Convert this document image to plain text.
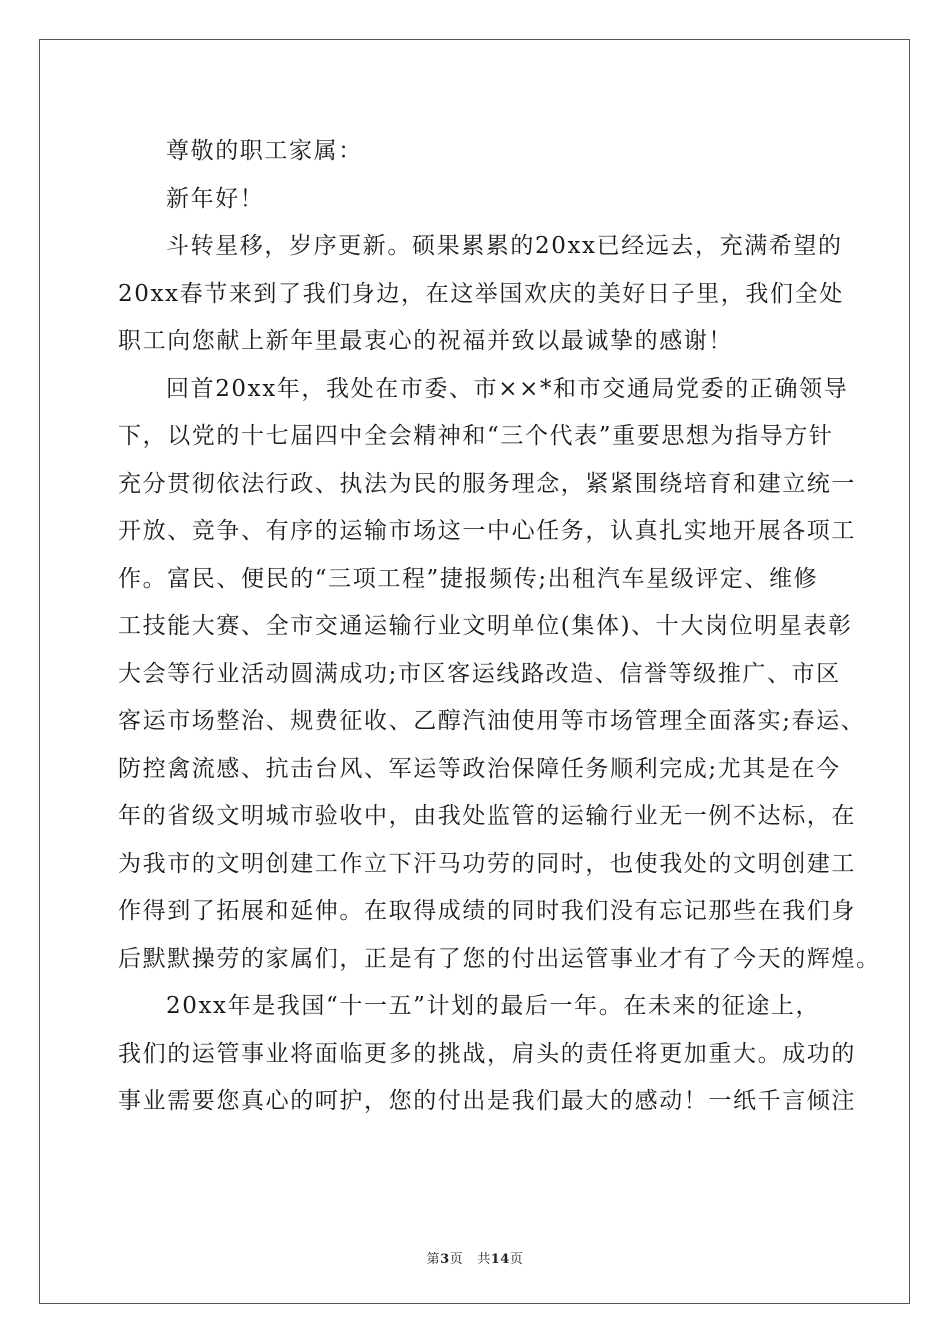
尊敬的职工家属：
新年好！
斗转星移，岁序更新。硕果累累的20xx已经远去，充满希望的
20xx春节来到了我们身边，在这举国欢庆的美好日子里，我们全处
职工向您献上新年里最衷心的祝福并致以最诚挚的感谢！
回首20xx年，我处在市委、市××*和市交通局党委的正确领导
下，以党的十七届四中全会精神和“三个代表”重要思想为指导方针
充分贯彻依法行政、执法为民的服务理念，紧紧围绕培育和建立统一
开放、竞争、有序的运输市场这一中心任务，认真扎实地开展各项工
作。富民、便民的“三项工程”捷报频传;出租汽车星级评定、维修
工技能大赛、全市交通运输行业文明单位(集体)、十大岗位明星表彰
大会等行业活动圆满成功;市区客运线路改造、信誉等级推广、市区
客运市场整治、规费征收、乙醇汽油使用等市场管理全面落实;春运、
防控禽流感、抗击台风、军运等政治保障任务顺利完成;尤其是在今
年的省级文明城市验收中，由我处监管的运输行业无一例不达标，在
为我市的文明创建工作立下汗马功劳的同时，也使我处的文明创建工
作得到了拓展和延伸。在取得成绩的同时我们没有忘记那些在我们身
后默默操劳的家属们，正是有了您的付出运管事业才有了今天的辉煌。
20xx年是我国“十一五”计划的最后一年。在未来的征途上，
我们的运管事业将面临更多的挑战，肩头的责任将更加重大。成功的
事业需要您真心的呵护，您的付出是我们最大的感动！一纸千言倾注
第3页 共14页
